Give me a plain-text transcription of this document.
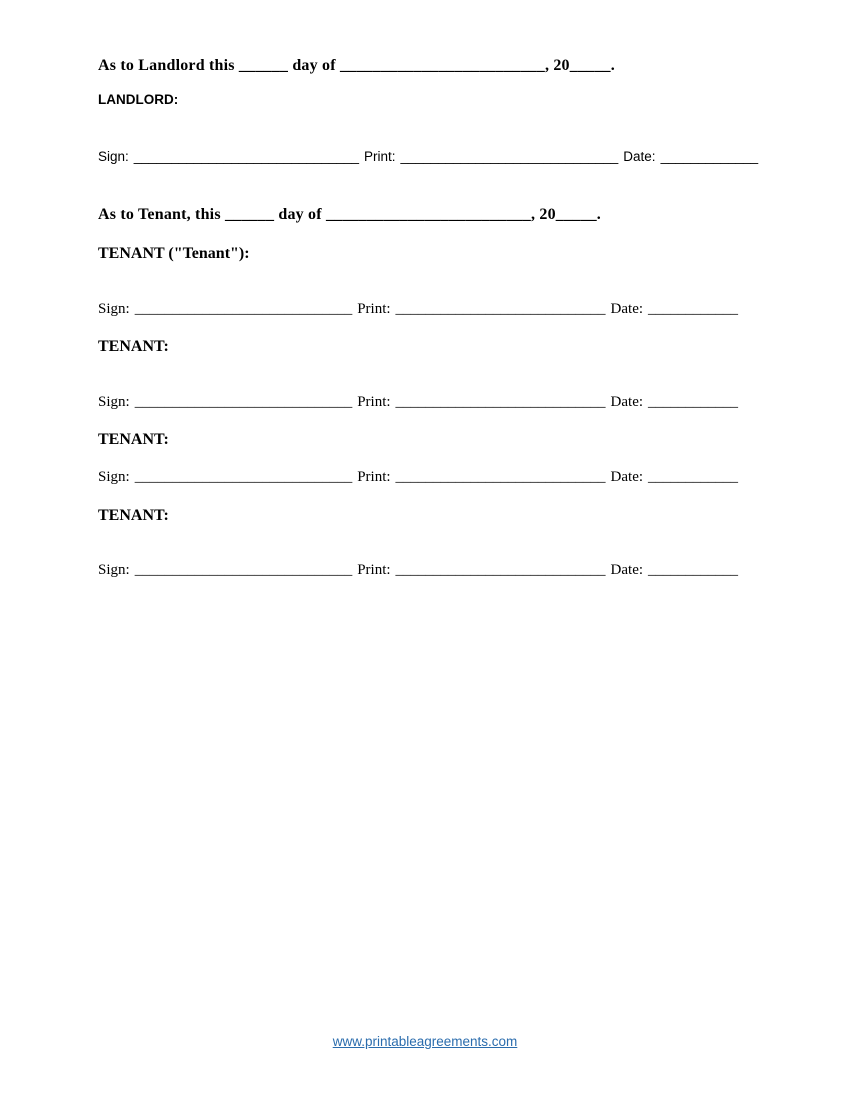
As to Landlord this ______ day of _________________________, 20_____.
LANDLORD:
Sign: ______________________________ Print: _____________________________ Date: _____________
As to Tenant, this ______ day of _________________________, 20_____.
TENANT ("Tenant"):
Sign: _____________________________ Print: ____________________________ Date: ____________
TENANT:
Sign: _____________________________ Print: ____________________________ Date: ____________
TENANT:
Sign: _____________________________ Print: ____________________________ Date: ____________
TENANT:
Sign: _____________________________ Print: ____________________________ Date: ____________
www.printableagreements.com
